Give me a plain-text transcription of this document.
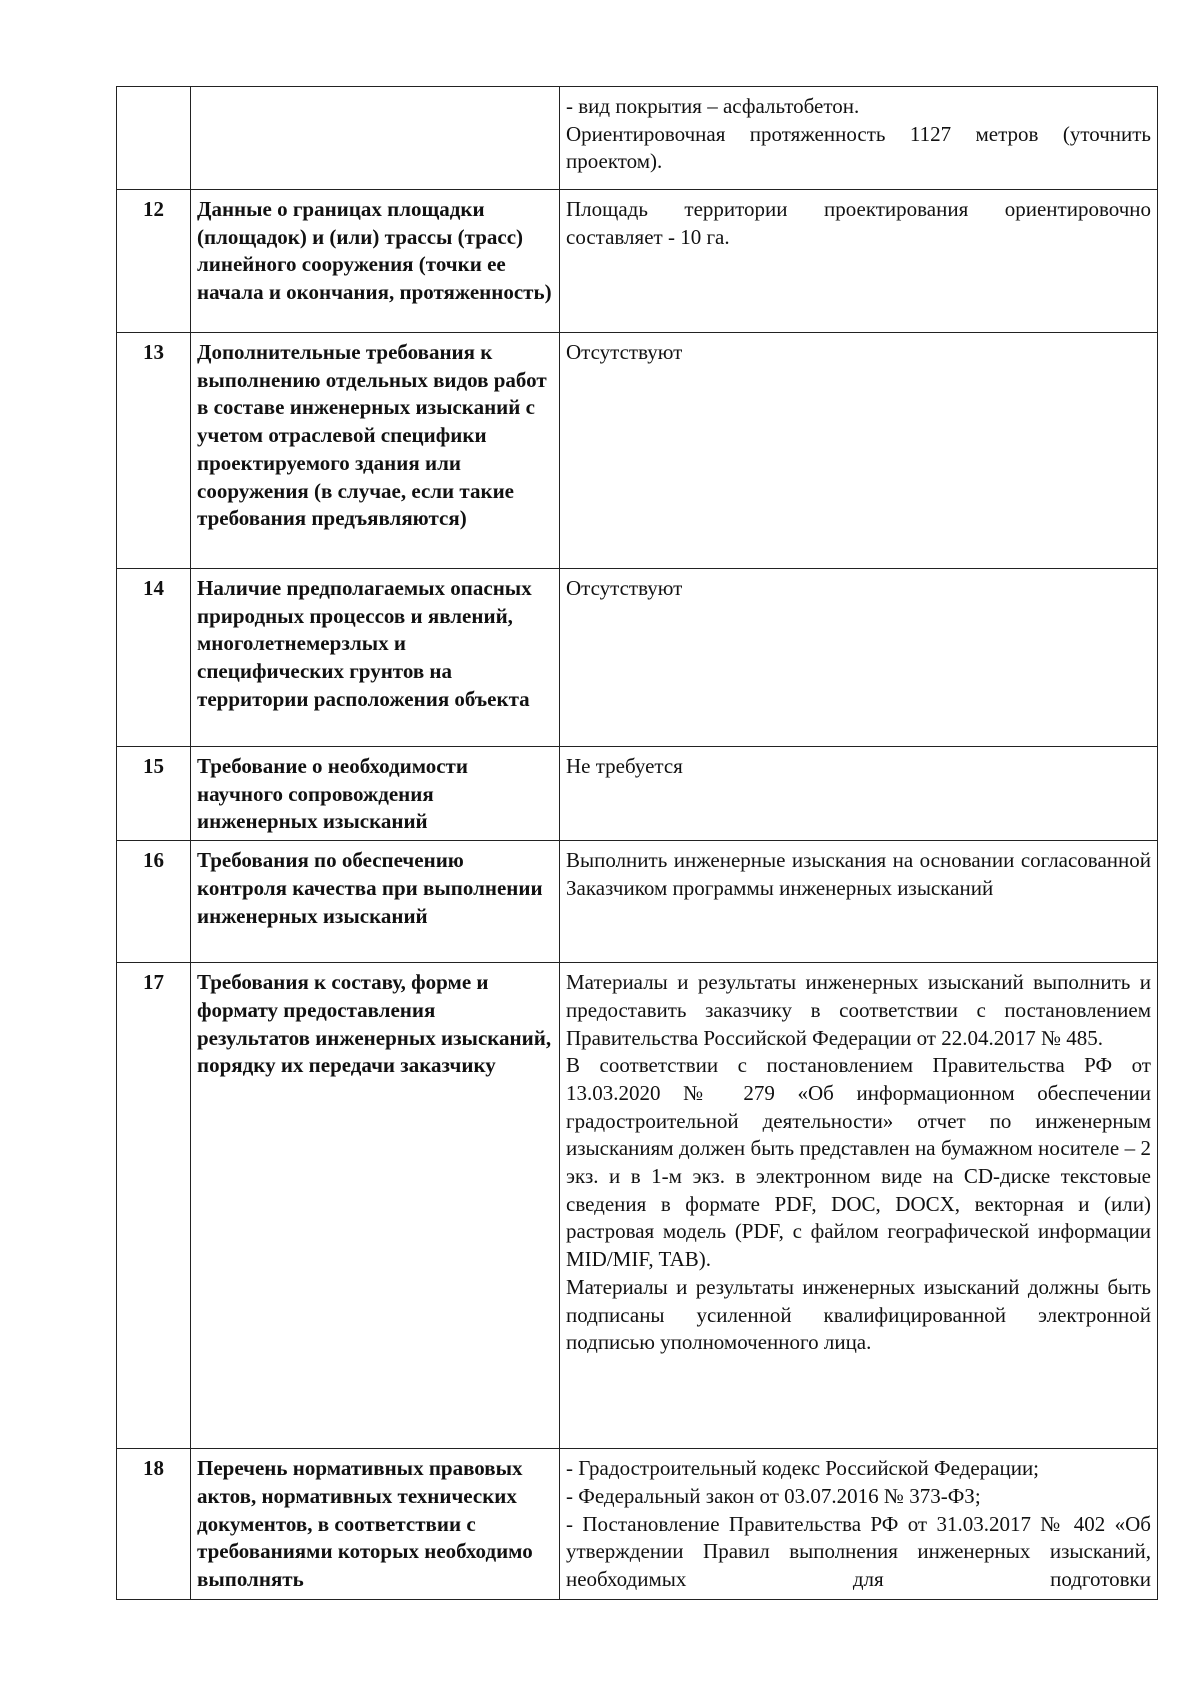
		- вид покрытия – асфальтобетон.
Ориентировочная протяженность 1127 метров (уточнить проектом).

12	Данные о границах площадки (площадок) и (или) трассы (трасс) линейного сооружения (точки ее начала и окончания, протяженность)	Площадь территории проектирования ориентировочно составляет - 10 га.

13	Дополнительные требования к выполнению отдельных видов работ в составе инженерных изысканий с учетом отраслевой специфики проектируемого здания или сооружения (в случае, если такие требования предъявляются)	Отсутствуют

14	Наличие предполагаемых опасных природных процессов и явлений, многолетнемерзлых и специфических грунтов на территории расположения объекта	Отсутствуют

15	Требование о необходимости научного сопровождения инженерных изысканий	Не требуется

16	Требования по обеспечению контроля качества при выполнении инженерных изысканий	Выполнить инженерные изыскания на основании согласованной Заказчиком программы инженерных изысканий

17	Требования к составу, форме и формату предоставления результатов инженерных изысканий, порядку их передачи заказчику	Материалы и результаты инженерных изысканий выполнить и предоставить заказчику в соответствии с постановлением Правительства Российской Федерации от 22.04.2017 № 485.
В соответствии с постановлением Правительства РФ от 13.03.2020 № 279 «Об информационном обеспечении градостроительной деятельности» отчет по инженерным изысканиям должен быть представлен на бумажном носителе – 2 экз. и в 1-м экз. в электронном виде на CD-диске текстовые сведения в формате PDF, DOC, DOCX, векторная и (или) растровая модель (PDF, с файлом географической информации MID/MIF, TAB).
Материалы и результаты инженерных изысканий должны быть подписаны усиленной квалифицированной электронной подписью уполномоченного лица.

18	Перечень нормативных правовых актов, нормативных технических документов, в соответствии с требованиями которых необходимо выполнять	- Градостроительный кодекс Российской Федерации;
- Федеральный закон от 03.07.2016 № 373-ФЗ;
- Постановление Правительства РФ от 31.03.2017 № 402 «Об утверждении Правил выполнения инженерных изысканий, необходимых для подготовки
